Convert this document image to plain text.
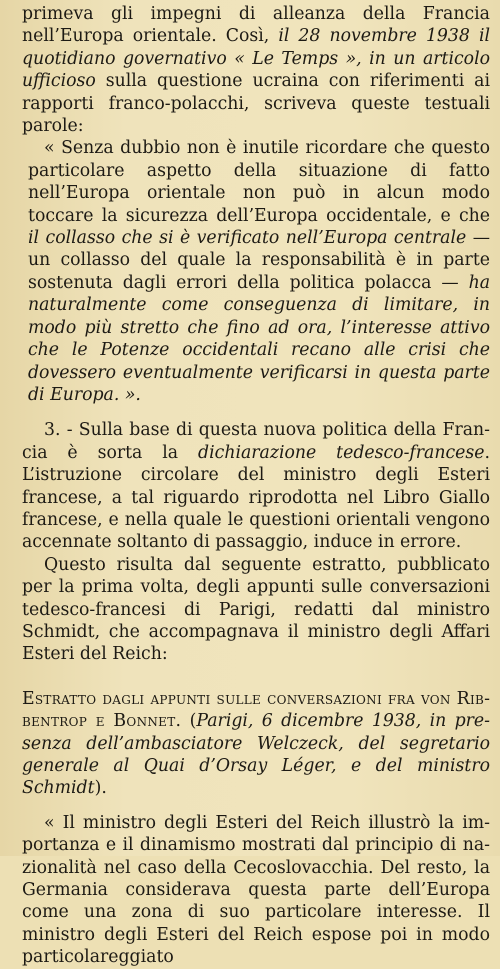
primeva gli impegni di alleanza della Francia nell’Europa orientale. Così, il 28 novembre 1938 il quotidiano governativo « Le Temps », in un articolo ufficioso sulla questione ucraina con riferimenti ai rapporti franco-polacchi, scriveva queste testuali parole:

« Senza dubbio non è inutile ricordare che questo particolare aspetto della situazione di fatto nell’Europa orientale non può in alcun modo toccare la sicurezza dell’Europa occidentale, e che il collasso che si è verificato nell’Europa centrale — un collasso del quale la responsabilità è in parte sostenuta dagli errori della politica polacca — ha naturalmente come conseguenza di limitare, in modo più stretto che fino ad ora, l’interesse attivo che le Potenze occidentali recano alle crisi che dovessero eventualmente verificarsi in questa parte di Europa. ».

3. - Sulla base di questa nuova politica della Francia è sorta la dichiarazione tedesco-francese. L’istruzione circolare del ministro degli Esteri francese, a tal riguardo riprodotta nel Libro Giallo francese, e nella quale le questioni orientali vengono accennate soltanto di passaggio, induce in errore.

Questo risulta dal seguente estratto, pubblicato per la prima volta, degli appunti sulle conversazioni tedesco-francesi di Parigi, redatti dal ministro Schmidt, che accompagnava il ministro degli Affari Esteri del Reich:

Estratto dagli appunti sulle conversazioni fra von Ribbentrop e Bonnet. (Parigi, 6 dicembre 1938, in presenza dell’ambasciatore Welczeck, del segretario generale al Quai d’Orsay Léger, e del ministro Schmidt).

« Il ministro degli Esteri del Reich illustrò la importanza e il dinamismo mostrati dal principio di nazionalità nel caso della Cecoslovacchia. Del resto, la Germania considerava questa parte dell’Europa come una zona di suo particolare interesse. Il ministro degli Esteri del Reich espose poi in modo particolareggiato
